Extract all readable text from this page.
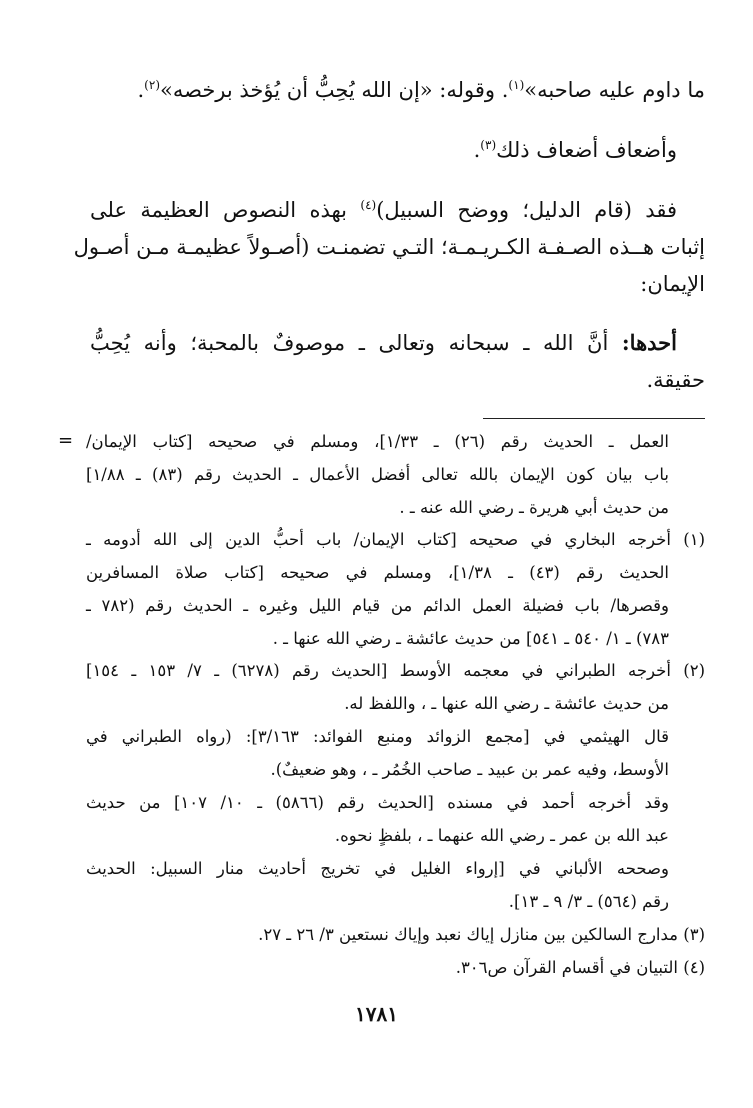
ما داوم عليه صاحبه»$^{(١)}$. وقوله: «إن الله يُحِبُّ أن يُؤخذ برخصه»$^{(٢)}$.
وأضعاف أضعاف ذلك$^{(٣)}$.
فقد (قام الدليل؛ ووضح السبيل)$^{(٤)}$ بهذه النصوص العظيمة على
إثبات هــذه الصـفـة الكـريـمـة؛ التـي تضمنـت (أصـولاً عظيمـة مـن أصـول
الإيمان:
أحدها: أنَّ الله ـ سبحانه وتعالى ـ موصوفٌ بالمحبة؛ وأنه يُحِبُّ
حقيقة.
= العمل ـ الحديث رقم (٢٦) ـ ١/٣٣]، ومسلم في صحيحه [كتاب الإيمان/
باب بيان كون الإيمان بالله تعالى أفضل الأعمال ـ الحديث رقم (٨٣) ـ ١/٨٨]
من حديث أبي هريرة ـ رضي الله عنه ـ .
(١) أخرجه البخاري في صحيحه [كتاب الإيمان/ باب أحبُّ الدين إلى الله أدومه ـ
الحديث رقم (٤٣) ـ ١/٣٨]، ومسلم في صحيحه [كتاب صلاة المسافرين
وقصرها/ باب فضيلة العمل الدائم من قيام الليل وغيره ـ الحديث رقم (٧٨٢ ـ
٧٨٣) ـ ١/ ٥٤٠ ـ ٥٤١] من حديث عائشة ـ رضي الله عنها ـ .
(٢) أخرجه الطبراني في معجمه الأوسط [الحديث رقم (٦٢٧٨) ـ ٧/ ١٥٣ ـ ١٥٤]
من حديث عائشة ـ رضي الله عنها ـ ، واللفظ له.
قال الهيثمي في [مجمع الزوائد ومنبع الفوائد: ٣/١٦٣]: (رواه الطبراني في
الأوسط، وفيه عمر بن عبيد ـ صاحب الخُمُر ـ ، وهو ضعيفٌ).
وقد أخرجه أحمد في مسنده [الحديث رقم (٥٨٦٦) ـ ١٠/ ١٠٧] من حديث
عبد الله بن عمر ـ رضي الله عنهما ـ ، بلفظٍ نحوه.
وصححه الألباني في [إرواء الغليل في تخريج أحاديث منار السبيل: الحديث
رقم (٥٦٤) ـ ٣/ ٩ ـ ١٣].
(٣) مدارج السالكين بين منازل إياك نعبد وإياك نستعين ٣/ ٢٦ ـ ٢٧.
(٤) التبيان في أقسام القرآن ص٣٠٦.
١٧٨١
